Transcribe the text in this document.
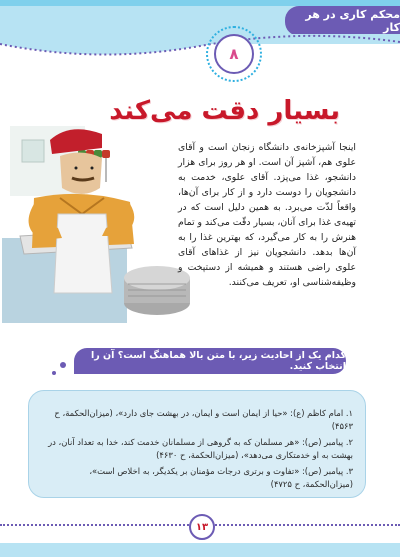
محکم کاری در هر کار
۸
بسیار دقت می‌کند
اینجا آشپزخانه‌ی دانشگاه زنجان است و آقای علوی هم، آشپز آن است. او هر روز برای هزار دانشجو، غذا می‌پزد. آقای علوی، خدمت به دانشجویان را دوست دارد و از کار برای آن‌ها، واقعاً لذّت می‌برد. به همین دلیل است که در تهیه‌ی غذا برای آنان، بسیار دقّت می‌کند و تمام هنرش را به کار می‌گیرد، که بهترین غذا را به آن‌ها بدهد. دانشجویان نیز از غذاهای آقای علوی راضی هستند و همیشه از دستپخت و وظیفه‌شناسی او، تعریف می‌کنند.
کدام یک از احادیث زیر، با متن بالا هماهنگ است؟ آن را انتخاب کنید.
۱. امام کاظم (ع): «حیا از ایمان است و ایمان، در بهشت جای دارد»، (میزان‌الحکمة، ح ۴۵۶۳)
۲. پیامبر (ص): «هر مسلمان که به گروهی از مسلمانان خدمت کند، خدا به تعداد آنان، در بهشت به او خدمتکاری می‌دهد»، (میزان‌الحکمة، ح ۴۶۳۰)
۳. پیامبر (ص): «تفاوت و برتری درجات مؤمنان بر یکدیگر، به اخلاص است»، (میزان‌الحکمة، ح ۴۷۲۵)
۱۳
